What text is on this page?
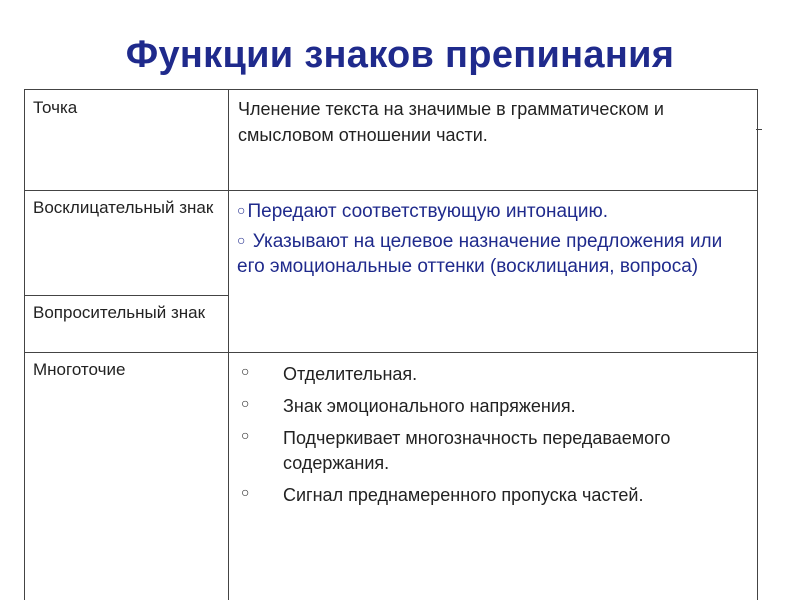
Функции знаков препинания
Точка	Членение текста на значимые в грамматическом и смысловом отношении части.
Восклицательный знак
Вопросительный знак
○ Передают соответствующую интонацию.
○ Указывают на целевое назначение предложения или его эмоциональные оттенки (восклицания, вопроса)
Многоточие	○ Отделительная.
○ Знак эмоционального напряжения.
○ Подчеркивает многозначность передаваемого содержания.
○ Сигнал преднамеренного пропуска частей.
